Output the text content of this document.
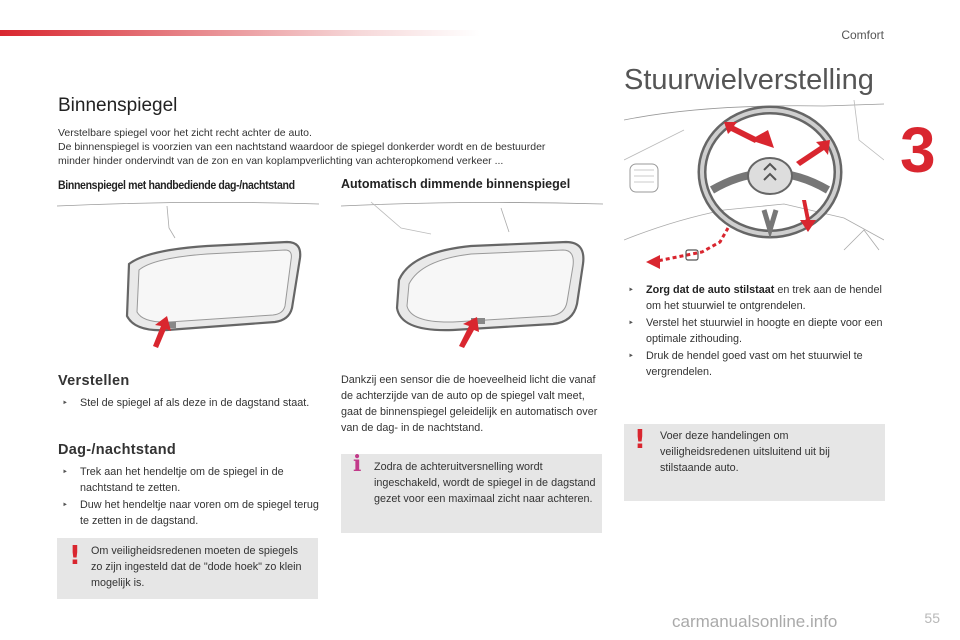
Comfort
3
Binnenspiegel

Verstelbare spiegel voor het zicht recht achter de auto.

De binnenspiegel is voorzien van een nachtstand waardoor de spiegel donkerder wordt en de bestuurder

minder hinder ondervindt van de zon en van koplampverlichting van achteropkomend verkeer ...

Binnenspiegel met handbediende dag-/nachtstand	Automatisch dimmende binnenspiegel
Verstellen
‣ Stel de spiegel af als deze in de dagstand staat.
Dag-/nachtstand
‣ Trek aan het hendeltje om de spiegel in de nachtstand te zetten.
‣ Duw het hendeltje naar voren om de spiegel terug te zetten in de dagstand.
! Om veiligheidsredenen moeten de spiegels zo zijn ingesteld dat de "dode hoek" zo klein mogelijk is.

Dankzij een sensor die de hoeveelheid licht die vanaf de achterzijde van de auto op de spiegel valt meet, gaat de binnenspiegel geleidelijk en automatisch over van de dag- in de nachtstand.

i Zodra de achteruitversnelling wordt ingeschakeld, wordt de spiegel in de dagstand gezet voor een maximaal zicht naar achteren.
Stuurwielverstelling
‣ Zorg dat de auto stilstaat en trek aan de hendel om het stuurwiel te ontgrendelen.
‣ Verstel het stuurwiel in hoogte en diepte voor een optimale zithouding.
‣ Druk de hendel goed vast om het stuurwiel te vergrendelen.
! Voer deze handelingen om veiligheidsredenen uitsluitend uit bij stilstaande auto.
55
carmanualsonline.info
